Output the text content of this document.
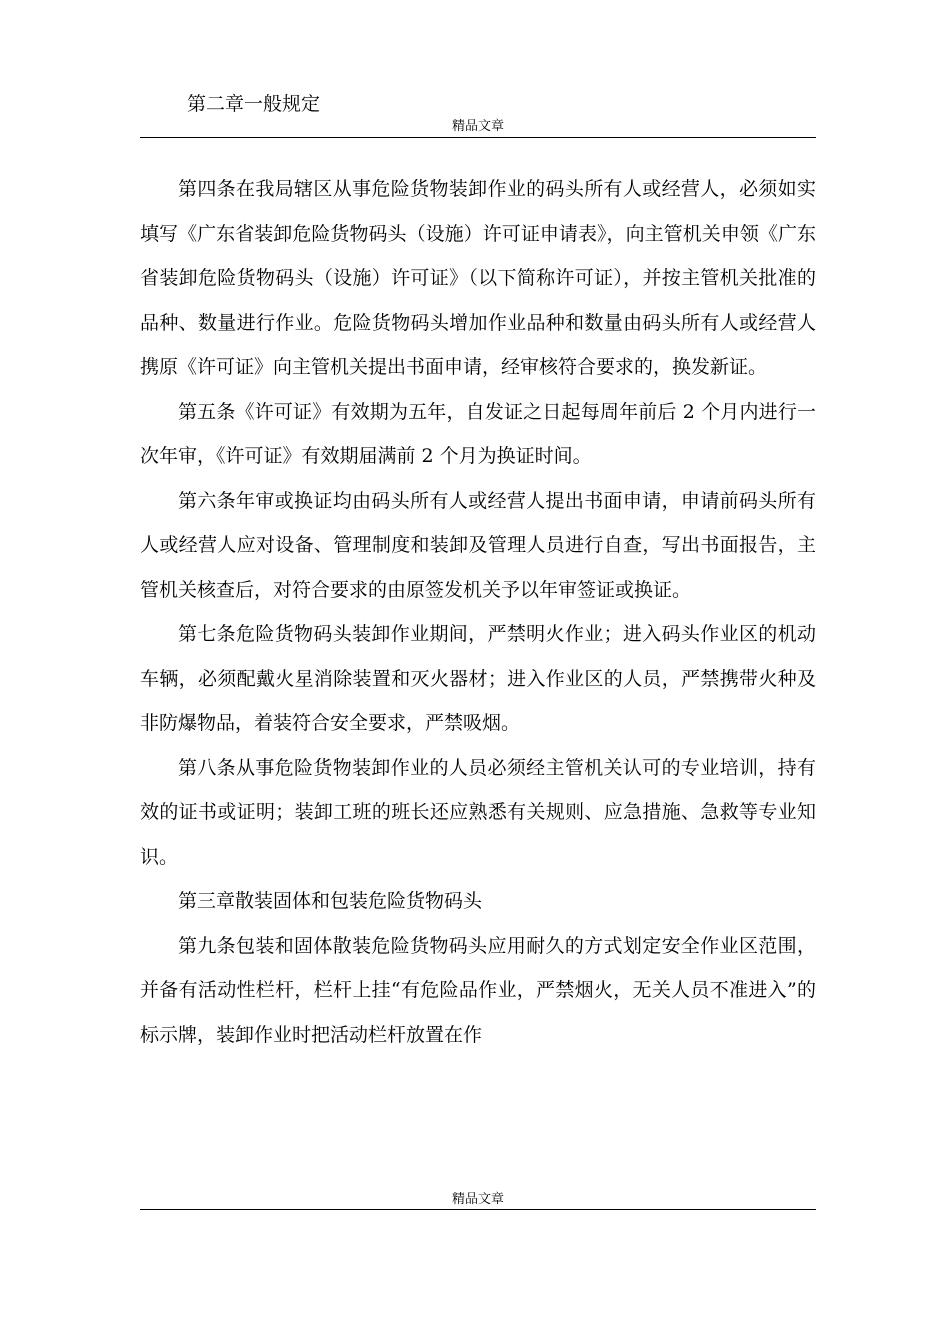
第二章一般规定
精品文章

第四条在我局辖区从事危险货物装卸作业的码头所有人或经营人，必须如实填写《广东省装卸危险货物码头（设施）许可证申请表》，向主管机关申领《广东省装卸危险货物码头（设施）许可证》（以下简称许可证），并按主管机关批准的品种、数量进行作业。危险货物码头增加作业品种和数量由码头所有人或经营人携原《许可证》向主管机关提出书面申请，经审核符合要求的，换发新证。

第五条《许可证》有效期为五年，自发证之日起每周年前后 2 个月内进行一次年审，《许可证》有效期届满前 2 个月为换证时间。

第六条年审或换证均由码头所有人或经营人提出书面申请，申请前码头所有人或经营人应对设备、管理制度和装卸及管理人员进行自查，写出书面报告，主管机关核查后，对符合要求的由原签发机关予以年审签证或换证。

第七条危险货物码头装卸作业期间，严禁明火作业；进入码头作业区的机动车辆，必须配戴火星消除装置和灭火器材；进入作业区的人员，严禁携带火种及非防爆物品，着装符合安全要求，严禁吸烟。

第八条从事危险货物装卸作业的人员必须经主管机关认可的专业培训，持有效的证书或证明；装卸工班的班长还应熟悉有关规则、应急措施、急救等专业知识。

第三章散装固体和包装危险货物码头

第九条包装和固体散装危险货物码头应用耐久的方式划定安全作业区范围，并备有活动性栏杆，栏杆上挂“有危险品作业，严禁烟火，无关人员不准进入”的标示牌，装卸作业时把活动栏杆放置在作

精品文章
